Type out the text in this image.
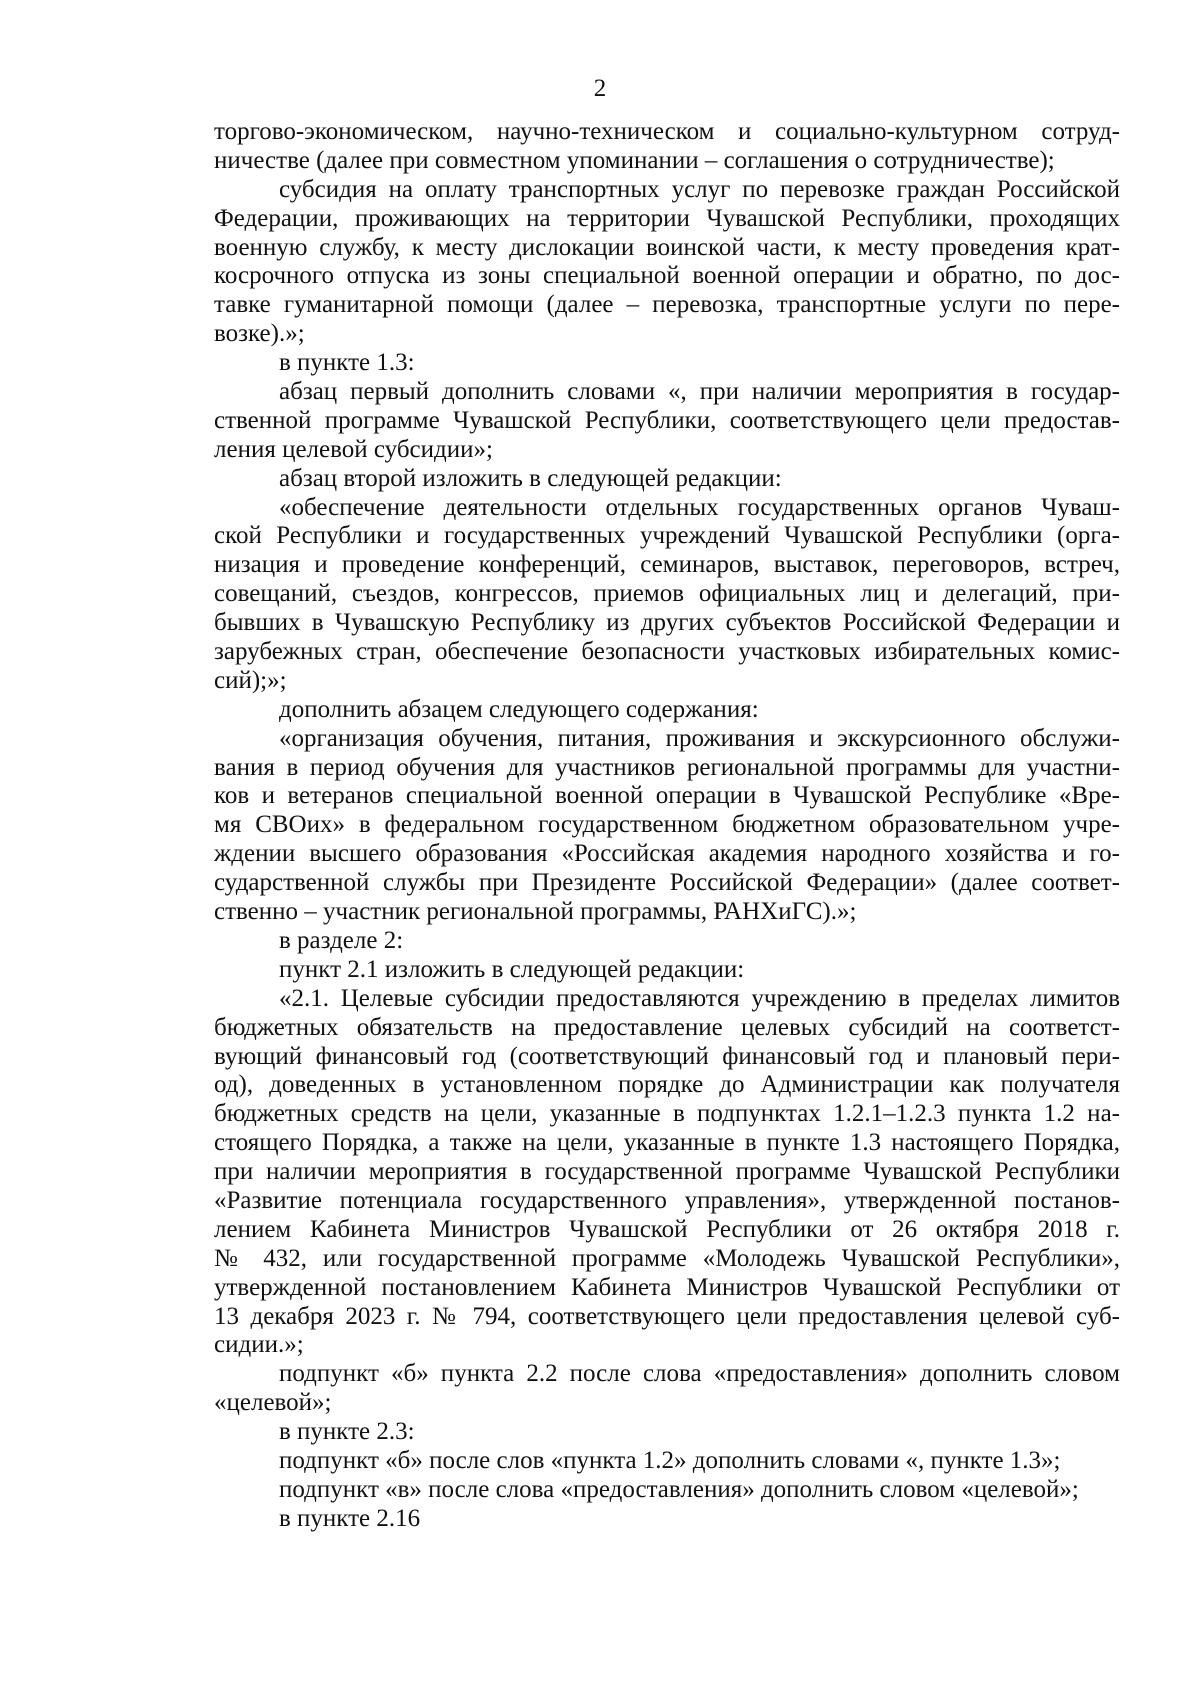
2
торгово-экономическом, научно-техническом и социально-культурном сотруд-
ничестве (далее при совместном упоминании – соглашения о сотрудничестве);
субсидия на оплату транспортных услуг по перевозке граждан Российской
Федерации, проживающих на территории Чувашской Республики, проходящих
военную службу, к месту дислокации воинской части, к месту проведения крат-
косрочного отпуска из зоны специальной военной операции и обратно, по дос-
тавке гуманитарной помощи (далее – перевозка, транспортные услуги по пере-
возке).»;
в пункте 1.3:
абзац первый дополнить словами «, при наличии мероприятия в государ-
ственной программе Чувашской Республики, соответствующего цели предостав-
ления целевой субсидии»;
абзац второй изложить в следующей редакции:
«обеспечение деятельности отдельных государственных органов Чуваш-
ской Республики и государственных учреждений Чувашской Республики (орга-
низация и проведение конференций, семинаров, выставок, переговоров, встреч,
совещаний, съездов, конгрессов, приемов официальных лиц и делегаций, при-
бывших в Чувашскую Республику из других субъектов Российской Федерации и
зарубежных стран, обеспечение безопасности участковых избирательных комис-
сий);»;
дополнить абзацем следующего содержания:
«организация обучения, питания, проживания и экскурсионного обслужи-
вания в период обучения для участников региональной программы для участни-
ков и ветеранов специальной военной операции в Чувашской Республике «Вре-
мя СВОих» в федеральном государственном бюджетном образовательном учре-
ждении высшего образования «Российская академия народного хозяйства и го-
сударственной службы при Президенте Российской Федерации» (далее соответ-
ственно – участник региональной программы, РАНХиГС).»;
в разделе 2:
пункт 2.1 изложить в следующей редакции:
«2.1. Целевые субсидии предоставляются учреждению в пределах лимитов
бюджетных обязательств на предоставление целевых субсидий на соответст-
вующий финансовый год (соответствующий финансовый год и плановый пери-
од), доведенных в установленном порядке до Администрации как получателя
бюджетных средств на цели, указанные в подпунктах 1.2.1–1.2.3 пункта 1.2 на-
стоящего Порядка, а также на цели, указанные в пункте 1.3 настоящего Порядка,
при наличии мероприятия в государственной программе Чувашской Республики
«Развитие потенциала государственного управления», утвержденной постанов-
лением Кабинета Министров Чувашской Республики от 26 октября 2018 г.
№ 432, или государственной программе «Молодежь Чувашской Республики»,
утвержденной постановлением Кабинета Министров Чувашской Республики от
13 декабря 2023 г. № 794, соответствующего цели предоставления целевой суб-
сидии.»;
подпункт «б» пункта 2.2 после слова «предоставления» дополнить словом
«целевой»;
в пункте 2.3:
подпункт «б» после слов «пункта 1.2» дополнить словами «, пункте 1.3»;
подпункт «в» после слова «предоставления» дополнить словом «целевой»;
в пункте 2.16
